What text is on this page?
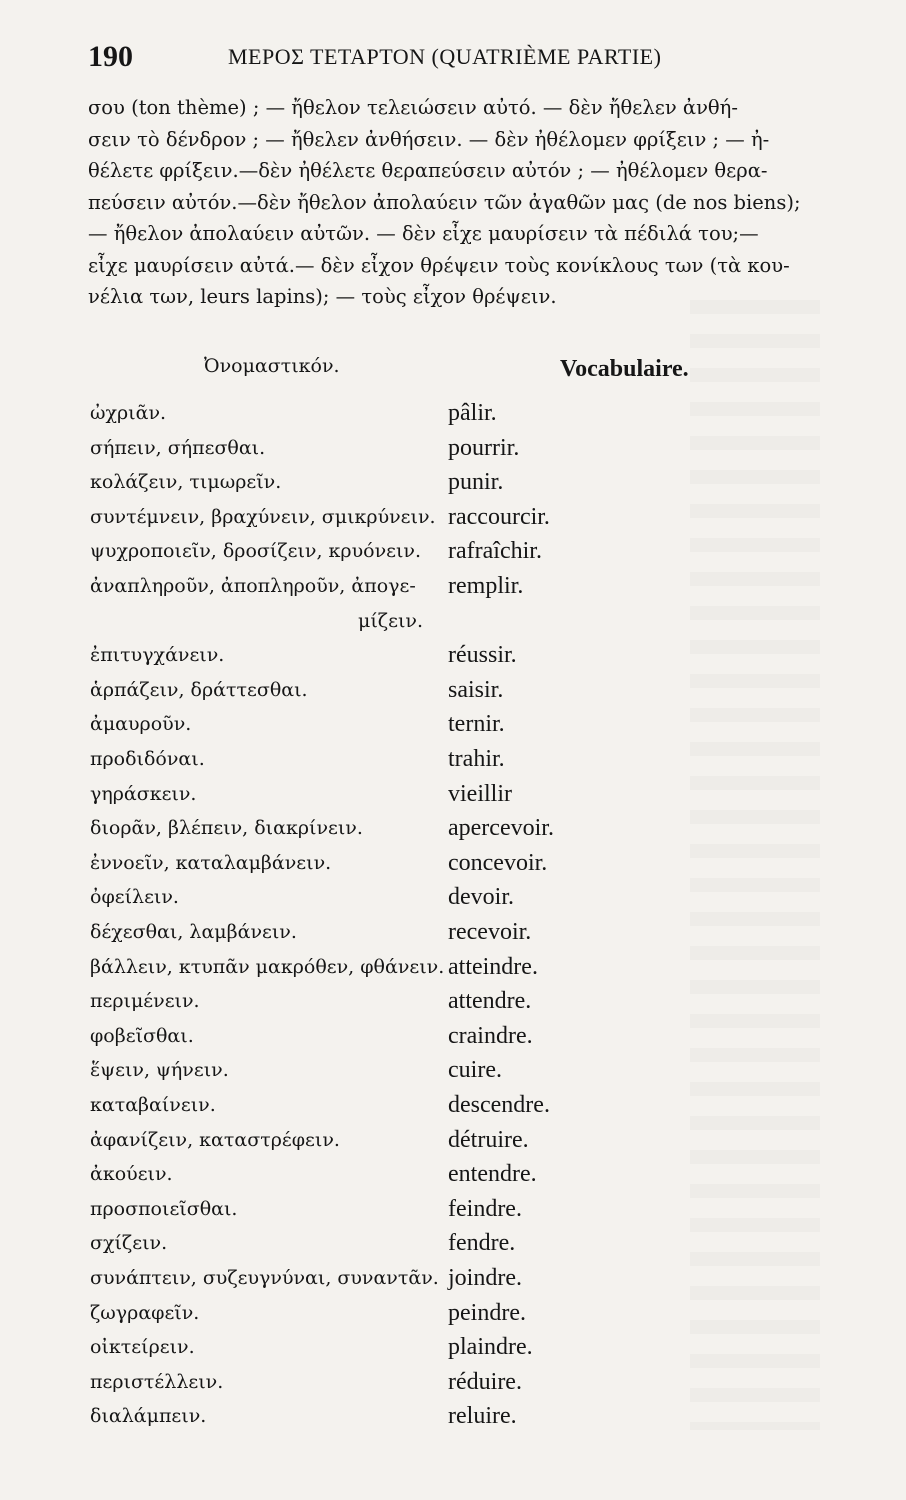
190	ΜΕΡΟΣ ΤΕΤΑΡΤΟΝ (QUATRIÈME PARTIE)
σου (ton thème) ; — ἤθελον τελειώσειν αὐτό. — δὲν ἤθελεν ἀνθή-
σειν τὸ δένδρον ; — ἤθελεν ἀνθήσειν. — δὲν ἠθέλομεν φρίξειν ; — ἠ-
θέλετε φρίξειν.—δὲν ἠθέλετε θεραπεύσειν αὐτόν ; — ἠθέλομεν θερα-
πεύσειν αὐτόν.—δὲν ἤθελον ἀπολαύειν τῶν ἀγαθῶν μας (de nos biens);
— ἤθελον ἀπολαύειν αὐτῶν. — δὲν εἶχε μαυρίσειν τὰ πέδιλά του;—
εἶχε μαυρίσειν αὐτά.— δὲν εἶχον θρέψειν τοὺς κονίκλους των (τὰ κου-
νέλια των, leurs lapins); — τοὺς εἶχον θρέψειν.
Ὀνομαστικόν.	Vocabulaire.
ὠχριᾶν.	pâlir.
σήπειν, σήπεσθαι.	pourrir.
κολάζειν, τιμωρεῖν.	punir.
συντέμνειν, βραχύνειν, σμικρύνειν. raccourcir.
ψυχροποιεῖν, δροσίζειν, κρυόνειν. rafraîchir.
ἀναπληροῦν, ἀποπληροῦν, ἀπογε- remplir.
μίζειν.
ἐπιτυγχάνειν.	réussir.
ἁρπάζειν, δράττεσθαι.	saisir.
ἀμαυροῦν.	ternir.
προδιδόναι.	trahir.
γηράσκειν.	vieillir
διορᾶν, βλέπειν, διακρίνειν.	apercevoir.
ἐννοεῖν, καταλαμβάνειν.	concevoir.
ὀφείλειν.	devoir.
δέχεσθαι, λαμβάνειν.	recevoir.
βάλλειν, κτυπᾶν μακρόθεν, φθάνειν. atteindre.
περιμένειν.	attendre.
φοβεῖσθαι.	craindre.
ἕψειν, ψήνειν.	cuire.
καταβαίνειν.	descendre.
ἀφανίζειν, καταστρέφειν.	détruire.
ἀκούειν.	entendre.
προσποιεῖσθαι.	feindre.
σχίζειν.	fendre.
συνάπτειν, συζευγνύναι, συναντᾶν. joindre.
ζωγραφεῖν.	peindre.
οἰκτείρειν.	plaindre.
περιστέλλειν.	réduire.
διαλάμπειν.	reluire.
